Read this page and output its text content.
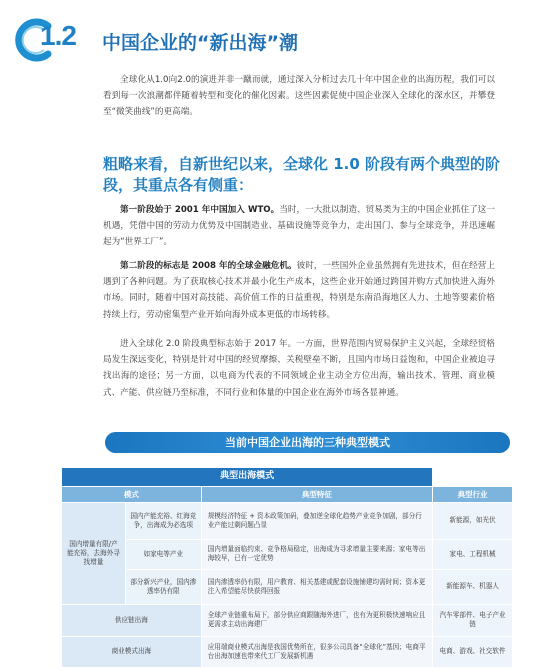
1.2 中国企业的“新出海”潮

全球化从1.0向2.0的演进并非一蹴而就，通过深入分析过去几十年中国企业的出海历程，我们可以看到每一次浪潮都伴随着转型和变化的催化因素。这些因素促使中国企业深入全球化的深水区，并攀登至“微笑曲线”的更高端。

粗略来看，自新世纪以来，全球化 1.0 阶段有两个典型的阶段，其重点各有侧重：

第一阶段始于 2001 年中国加入 WTO。当时，一大批以制造、贸易类为主的中国企业抓住了这一机遇，凭借中国的劳动力优势及中国制造业、基础设施等竞争力，走出国门、参与全球竞争，并迅速崛起为“世界工厂”。

第二阶段的标志是 2008 年的全球金融危机。彼时，一些国外企业虽然拥有先进技术，但在经营上遇到了各种问题。为了获取核心技术并最小化生产成本，这些企业开始通过跨国并购方式加快进入海外市场。同时，随着中国对高技能、高价值工作的日益重视，特别是东南沿海地区人力、土地等要素价格持续上行，劳动密集型产业开始向海外成本更低的市场转移。

进入全球化 2.0 阶段典型标志始于 2017 年。一方面，世界范围内贸易保护主义兴起，全球经贸格局发生深远变化，特别是针对中国的经贸摩擦、关税壁垒不断，且国内市场日益饱和，中国企业被迫寻找出海的途径；另一方面，以电商为代表的不同领域企业主动全方位出海，输出技术、管理、商业模式、产能、供应链乃至标准，不同行业和体量的中国企业在海外市场各显神通。

当前中国企业出海的三种典型模式
典型出海模式			
模式		典型特征	典型行业
国内增量有限/产能充裕，去海外寻找增量	国内产能充裕、红海竞争，出海成为必选项	规模经济特征 + 资本政策加码，叠加逆全球化趋势产业竞争加剧，部分行业产能过剩问题凸显	新能源，如光伏
	如家电等产业	国内增量面临约束、竞争格局稳定，出海成为寻求增量主要来源；家电等出海较早，已有一定优势	家电、工程机械
	部分新兴产业，国内渗透率仍有限	国内渗透率仍有限，用户教育、相关基建或配套设施铺建均需时间；资本更注入希望能尽快获得回报	新能源车、机器人
供应链出海		全球产业链重布局下，部分供应商跟随海外进厂，也有为更积极快速响应且更需求主动出海建厂	汽车零部件、电子产业链
商业模式出海		应用端商业模式出海是我国优势所在，很多公司具备“全球化”基因；电商平台出海加速也带来代工厂发展新机遇	电商、游戏、社交软件
